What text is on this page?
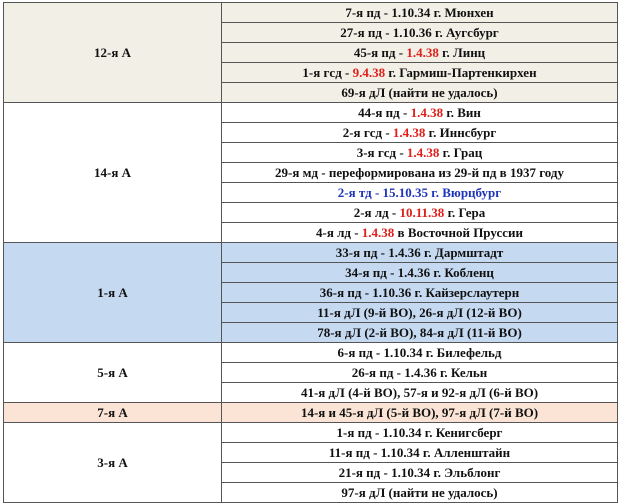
12-я А	7-я пд - 1.10.34 г. Мюнхен
	27-я пд - 1.10.36 г. Аугсбург
	45-я пд - 1.4.38 г. Линц
	1-я гсд - 9.4.38 г. Гармиш-Партенкирхен
	69-я дЛ (найти не удалось)
14-я А	44-я пд - 1.4.38 г. Вин
	2-я гсд - 1.4.38 г. Иннсбург
	3-я гсд - 1.4.38 г. Грац
	29-я мд - переформирована из 29-й пд в 1937 году
	2-я тд - 15.10.35 г. Вюрцбург
	2-я лд - 10.11.38 г. Гера
	4-я лд - 1.4.38 в Восточной Пруссии
1-я А	33-я пд - 1.4.36 г. Дармштадт
	34-я пд - 1.4.36 г. Кобленц
	36-я пд - 1.10.36 г. Кайзерслаутерн
	11-я дЛ (9-й ВО), 26-я дЛ (12-й ВО)
	78-я дЛ (2-й ВО), 84-я дЛ (11-й ВО)
5-я А	6-я пд - 1.10.34 г. Билефельд
	26-я пд - 1.4.36 г. Кельн
	41-я дЛ (4-й ВО), 57-я и 92-я дЛ (6-й ВО)
7-я А	14-я и 45-я дЛ (5-й ВО), 97-я дЛ (7-й ВО)
3-я А	1-я пд - 1.10.34 г. Кенигсберг
	11-я пд - 1.10.34 г. Алленштайн
	21-я пд - 1.10.34 г. Эльблонг
	97-я дЛ (найти не удалось)
